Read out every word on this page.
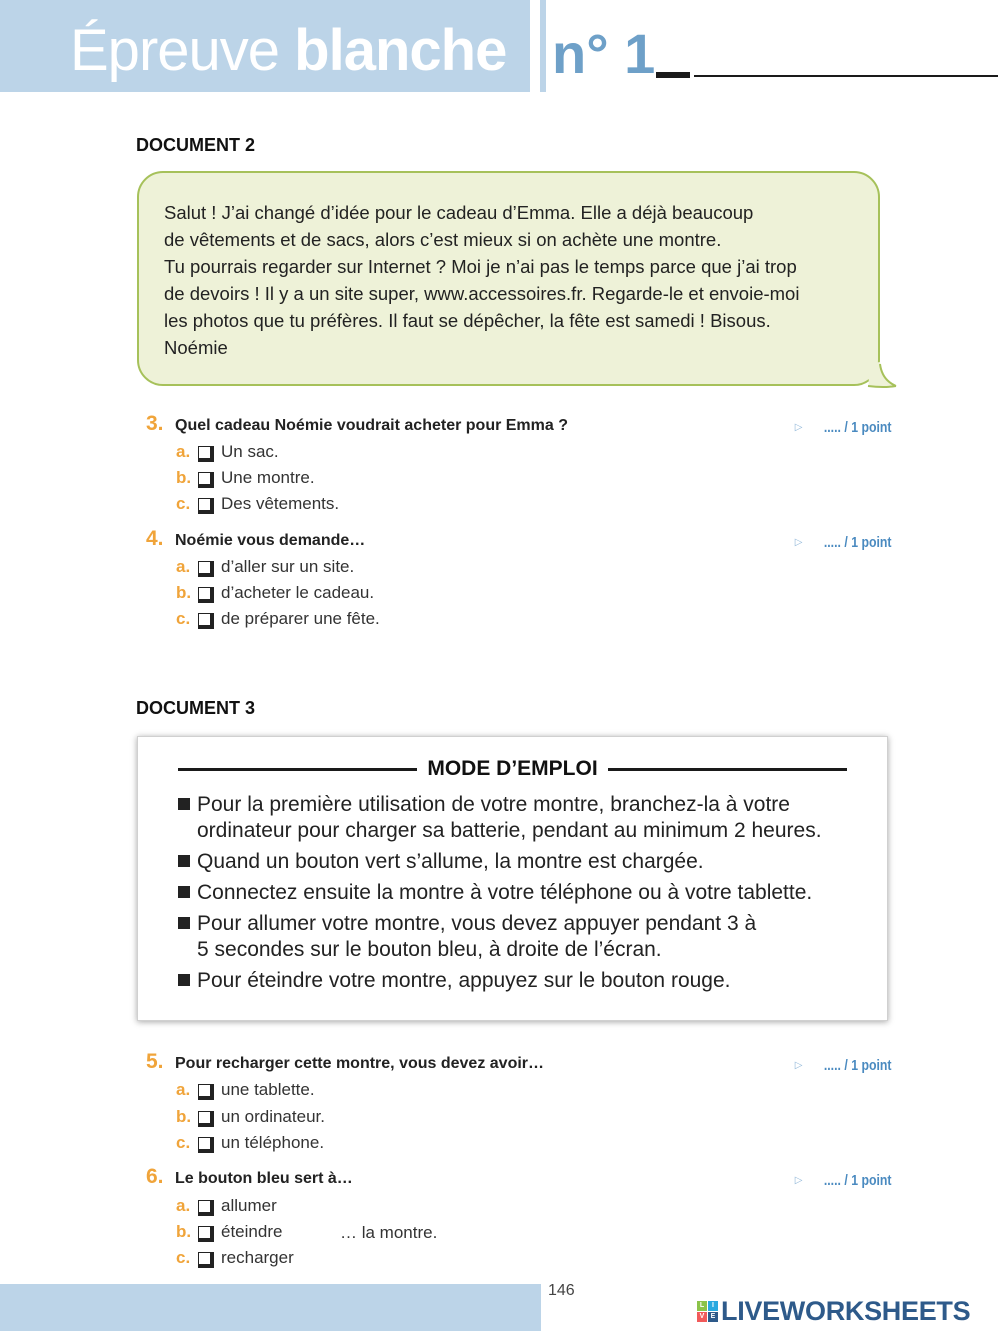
Épreuve blanche n° 1
DOCUMENT 2
Salut ! J’ai changé d’idée pour le cadeau d’Emma. Elle a déjà beaucoup
de vêtements et de sacs, alors c’est mieux si on achète une montre.
Tu pourrais regarder sur Internet ? Moi je n’ai pas le temps parce que j’ai trop
de devoirs ! Il y a un site super, www.accessoires.fr. Regarde-le et envoie-moi
les photos que tu préfères. Il faut se dépêcher, la fête est samedi ! Bisous.
Noémie
3. Quel cadeau Noémie voudrait acheter pour Emma ?	▷ ..... / 1 point
a.	Un sac.
b.	Une montre.
c.	Des vêtements.
4. Noémie vous demande…	▷ ..... / 1 point
a.	d’aller sur un site.
b.	d’acheter le cadeau.
c.	de préparer une fête.
DOCUMENT 3
MODE D’EMPLOI
Pour la première utilisation de votre montre, branchez-la à votre
ordinateur pour charger sa batterie, pendant au minimum 2 heures.
Quand un bouton vert s’allume, la montre est chargée.
Connectez ensuite la montre à votre téléphone ou à votre tablette.
Pour allumer votre montre, vous devez appuyer pendant 3 à
5 secondes sur le bouton bleu, à droite de l’écran.
Pour éteindre votre montre, appuyez sur le bouton rouge.
5. Pour recharger cette montre, vous devez avoir…	▷ ..... / 1 point
a.	une tablette.
b.	un ordinateur.
c.	un téléphone.
6. Le bouton bleu sert à…	▷ ..... / 1 point
a.	allumer
b.	éteindre
c.	recharger
… la montre.
146
L	I
V E LIVEWORKSHEETS
